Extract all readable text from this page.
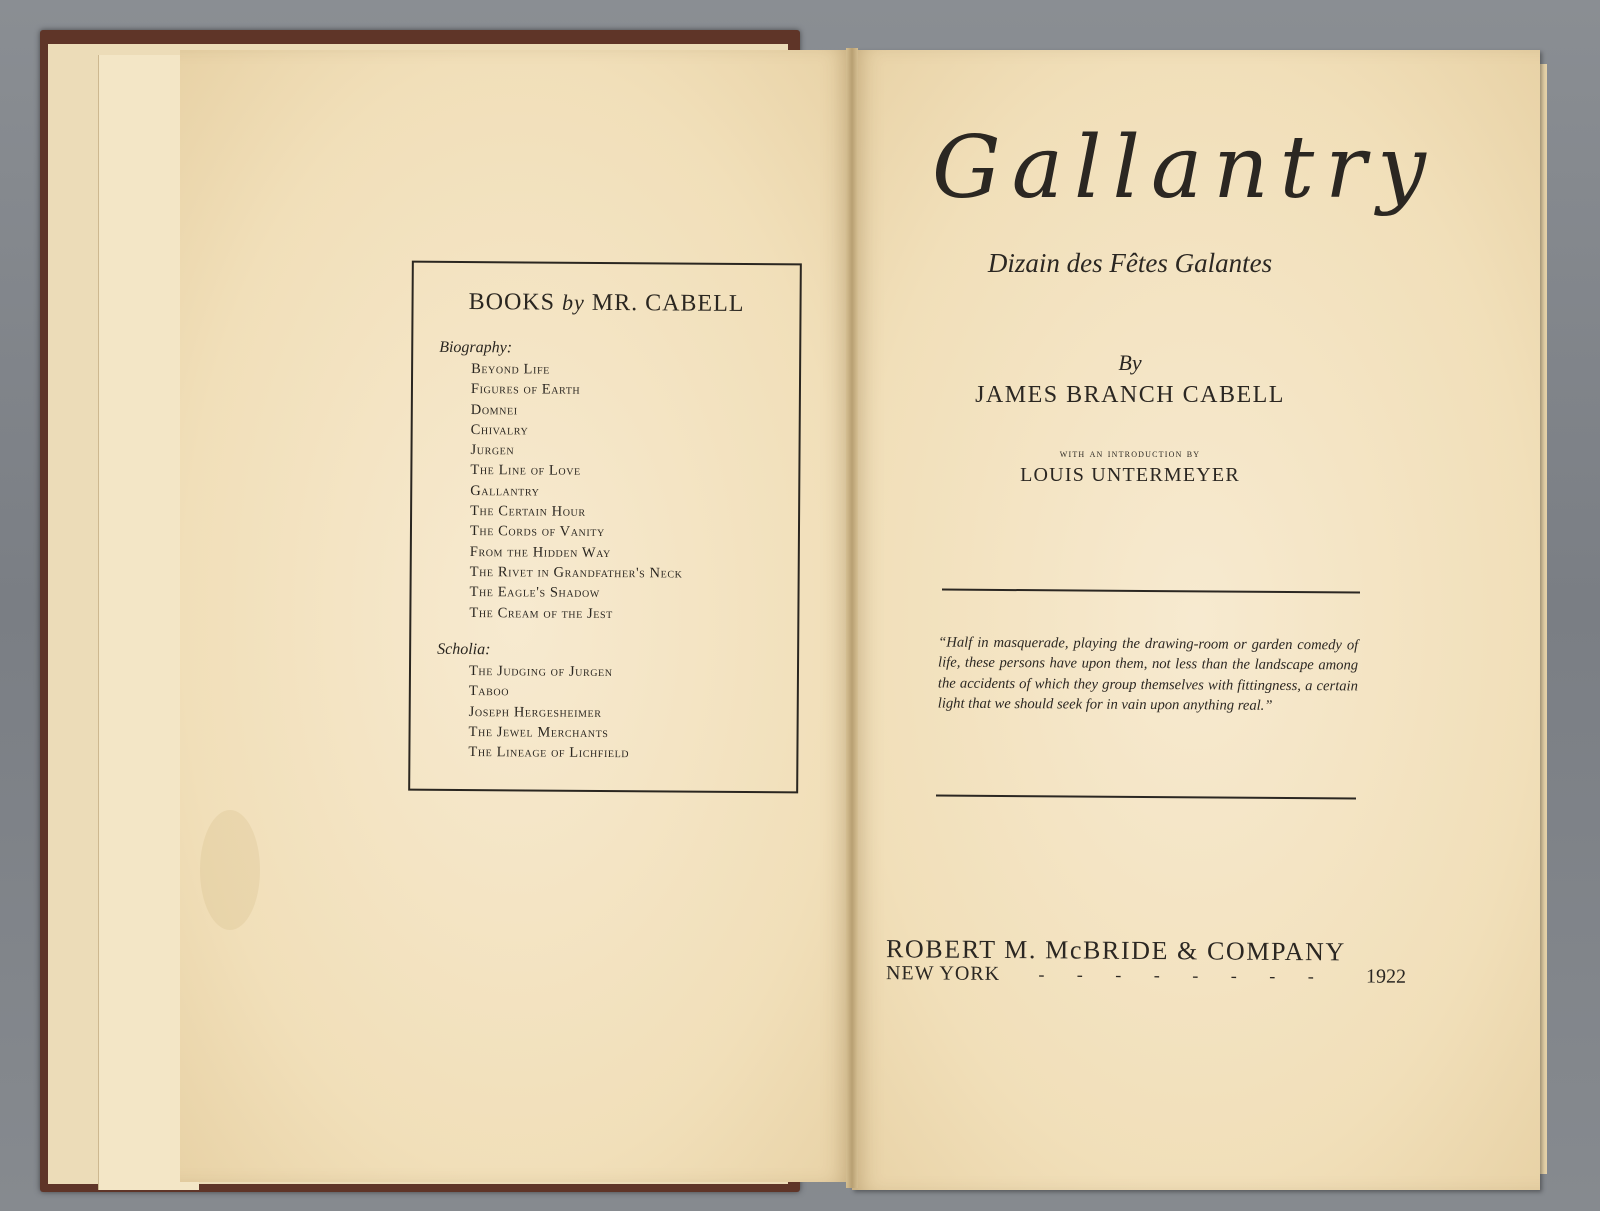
BOOKS by MR. CABELL
Biography:
Beyond Life
Figures of Earth
Domnei
Chivalry
Jurgen
The Line of Love
Gallantry
The Certain Hour
The Cords of Vanity
From the Hidden Way
The Rivet in Grandfather's Neck
The Eagle's Shadow
The Cream of the Jest
Scholia:
The Judging of Jurgen
Taboo
Joseph Hergesheimer
The Jewel Merchants
The Lineage of Lichfield
Gallantry
Dizain des Fêtes Galantes
By
JAMES BRANCH CABELL
with an introduction by
LOUIS UNTERMEYER
“Half in masquerade, playing the drawing-room or garden comedy of life, these persons have upon them, not less than the landscape among the accidents of which they group themselves with fittingness, a certain light that we should seek for in vain upon anything real.”
ROBERT M. McBRIDE & COMPANY
NEW YORK - - - - - - - - 1922
